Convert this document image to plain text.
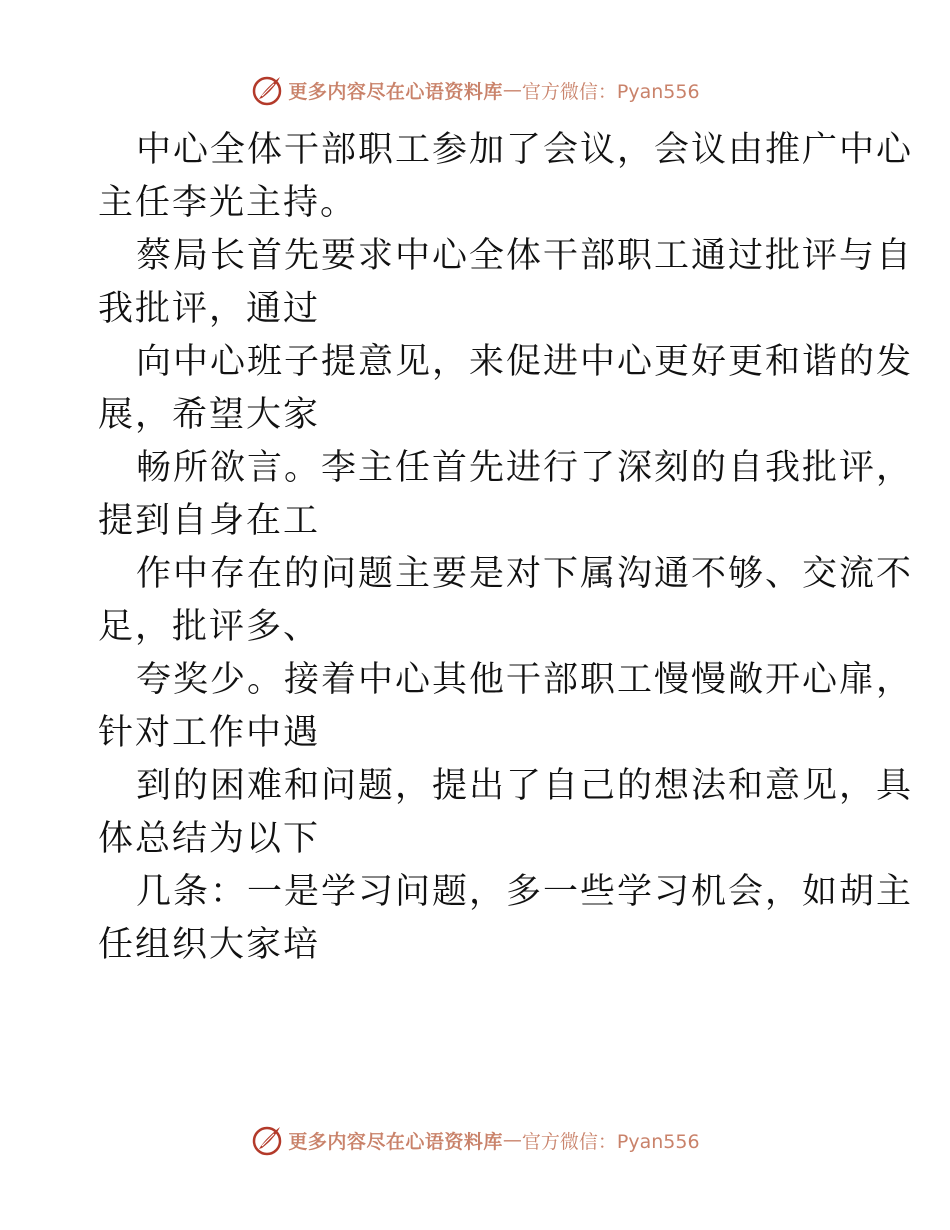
更多内容尽在心语资料库 — 官方微信：Pyan556
中心全体干部职工参加了会议，会议由推广中心
主任李光主持。
蔡局长首先要求中心全体干部职工通过批评与自
我批评，通过
向中心班子提意见，来促进中心更好更和谐的发
展，希望大家
畅所欲言。李主任首先进行了深刻的自我批评，
提到自身在工
作中存在的问题主要是对下属沟通不够、交流不
足，批评多、
夸奖少。接着中心其他干部职工慢慢敞开心扉，
针对工作中遇
到的困难和问题，提出了自己的想法和意见，具
体总结为以下
几条：一是学习问题，多一些学习机会，如胡主
任组织大家培
更多内容尽在心语资料库 — 官方微信：Pyan556
